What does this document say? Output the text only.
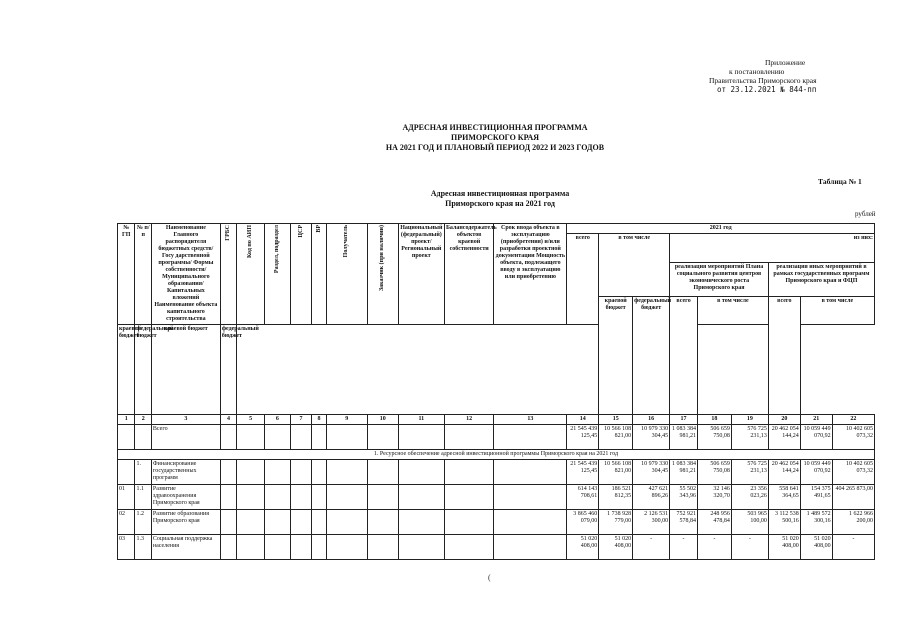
Приложение
к постановлению
Правительства Приморского края
от 23.12.2021 № 844-пп
АДРЕСНАЯ ИНВЕСТИЦИОННАЯ ПРОГРАММА
ПРИМОРСКОГО КРАЯ
НА 2021 ГОД И ПЛАНОВЫЙ ПЕРИОД 2022 И 2023 ГОДОВ
Таблица № 1
Адресная инвестиционная программа
Приморского края на 2021 год
рублей
№ ГП	№ п/п	Наименование Главного распорядителя бюджетных средств/Госу дарственной программы/ Формы собственности/ Муниципального образования/ Капитальных вложений Наименование объекта капитального строительства	ГРБС	Код по АИП	Раздел, подраздел	ЦСР	ВР	Получатель	Заказчик (при наличии)	Национальный (федеральный) проект/Региональный проект	Балансодержатель объектов краевой собственности	Срок ввода объекта в эксплуатацию (приобретения) и/или разработки проектной документации Мощность объекта, подлежащего вводу в эксплуатацию или приобретению	2021 год								
													всего	в том числе		из них:					
																реализация мероприятий Плана социального развития центров экономического роста Приморского края			реализация иных мероприятий в рамках государственных программ Приморского края и ФЦП		
														краевой бюджет	федеральный бюджет	всего	в том числе		всего	в том числе	
краевой бюджет	федеральный бюджет	краевой бюджет	федеральный бюджет																		
1	2	3	4	5	6	7	8	9	10	11	12	13	14	15	16	17	18	19	20	21	22
		Всего											21 545 439 125,45	10 566 108 821,00	10 979 330 304,45	1 083 384 981,21	506 659 750,08	576 725 231,13	20 462 054 144,24	10 059 449 070,92	10 402 605 073,32
1. Ресурсное обеспечение адресной инвестиционной программы Приморского края на 2021 год																					
	1.	Финансирование государственных программ											21 545 439 125,45	10 566 108 821,00	10 979 330 304,45	1 083 384 981,21	506 659 750,08	576 725 231,13	20 462 054 144,24	10 059 449 070,92	10 402 605 073,32
01	1.1	Развитие здравоохранения Приморского края											614 143 708,61	186 521 812,35	427 621 896,26	55 502 343,96	32 146 320,70	23 356 023,26	558 641 364,65	154 375 491,65	404 265 873,00
02	1.2	Развитие образования Приморского края											3 865 460 079,00	1 738 928 779,00	2 126 531 300,00	752 921 578,84	248 956 478,84	503 965 100,00	3 112 538 500,16	1 489 572 300,16	1 622 966 200,00
03	1.3	Социальная поддержка населения											51 020 408,00	51 020 408,00	-	-	-	-	51 020 408,00	51 020 408,00	-
(
